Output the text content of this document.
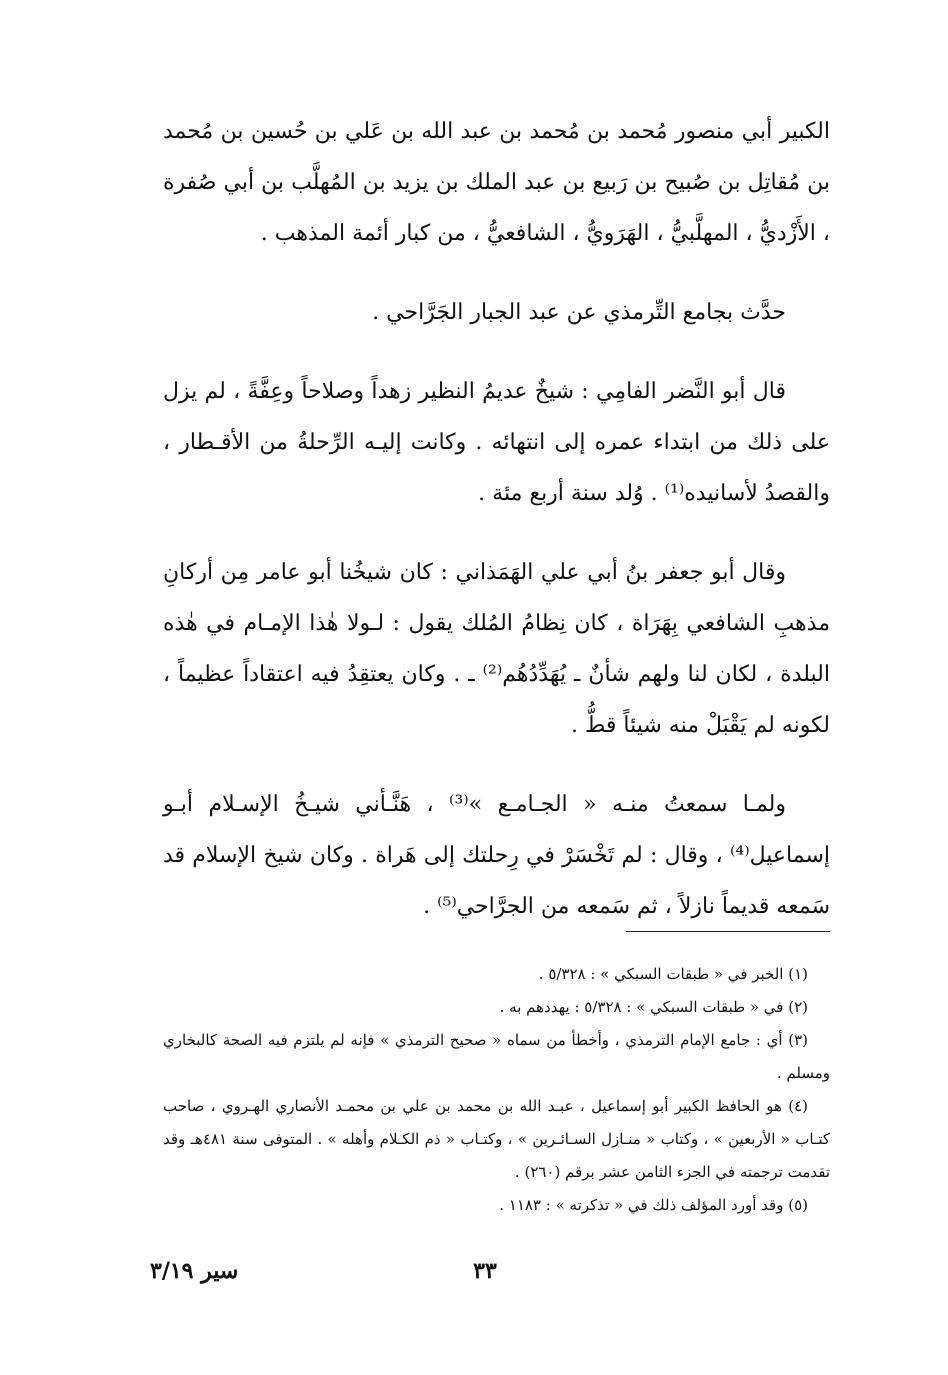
الكبير أبي منصور مُحمد بن مُحمد بن عبد الله بن عَلي بن حُسين بن مُحمد بن مُقاتِل بن صُبيح بن رَبيع بن عبد الملك بن يزيد بن المُهلَّب بن أبي صُفرة ، الأَزْديُّ ، المهلَّبيُّ ، الهَرَويُّ ، الشافعيُّ ، من كبار أئمة المذهب .

حدَّث بجامع التِّرمذي عن عبد الجبار الجَرَّاحي .

قال أبو النَّضر الفامِي : شيخٌ عديمُ النظير زهداً وصلاحاً وعِفَّةً ، لم يزل على ذلك من ابتداء عمره إلى انتهائه . وكانت إليـه الرِّحلةُ من الأقـطار ، والقصدُ لأسانيده⁽¹⁾ . وُلد سنة أربع مئة .

وقال أبو جعفر بنُ أبي علي الهَمَذاني : كان شيخُنا أبو عامر مِن أركانِ مذهبِ الشافعي بِهَرَاة ، كان نِظامُ المُلك يقول : لـولا هٰذا الإمـام في هٰذه البلدة ، لكان لنا ولهم شأنٌ ـ يُهَدِّدُهُم⁽²⁾ ـ . وكان يعتقِدُ فيه اعتقاداً عظيماً ، لكونه لم يَقْبَلْ منه شيئاً قطُّ .

ولمـا سمعتُ منـه « الجـامـع »⁽³⁾ ، هَنَّـأني شيـخُ الإسـلام أبـو إسماعيل⁽⁴⁾ ، وقال : لم تَخْسَرْ في رِحلتك إلى هَراة . وكان شيخ الإسلام قد سَمعه قديماً نازلاً ، ثم سَمعه من الجرَّاحي⁽⁵⁾ .

(١) الخبر في « طبقات السبكي » : ٥/٣٢٨ .

(٢) في « طبقات السبكي » : ٥/٣٢٨ : يهددهم به .

(٣) أي : جامع الإمام الترمذي ، وأخطأ من سماه « صحيح الترمذي » فإنه لم يلتزم فيه الصحة كالبخاري ومسلم .

(٤) هو الحافظ الكبير أبو إسماعيل ، عبـد الله بن محمد بن علي بن محمـد الأنصاري الهـروي ، صاحب كتـاب « الأربعين » ، وكتاب « منـازل السـائـرين » ، وكتـاب « ذم الكـلام وأهله » . المتوفى سنة ٤٨١هـ وقد تقدمت ترجمته في الجزء الثامن عشر برقم (٢٦٠) .

(٥) وقد أورد المؤلف ذلك في « تذكرته » : ١١٨٣ .

٣٣
سير ٣/١٩
